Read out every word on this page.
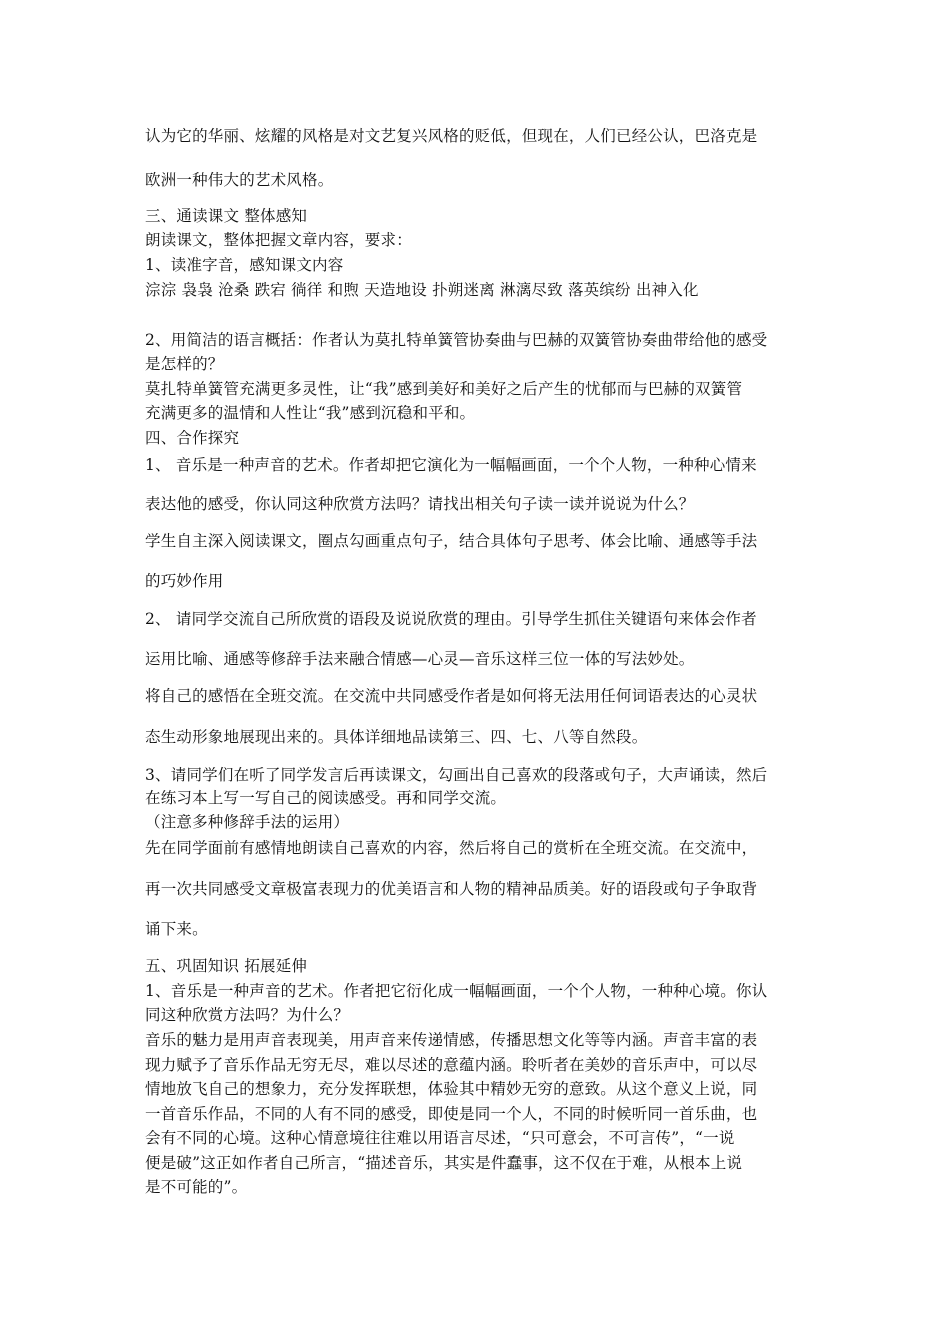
认为它的华丽、炫耀的风格是对文艺复兴风格的贬低，但现在，人们已经公认，巴洛克是
欧洲一种伟大的艺术风格。
三、通读课文 整体感知
朗读课文，整体把握文章内容，要求：
1、读准字音，感知课文内容
淙淙 袅袅 沧桑 跌宕 徜徉 和煦 天造地设 扑朔迷离 淋漓尽致 落英缤纷 出神入化
2、用简洁的语言概括：作者认为莫扎特单簧管协奏曲与巴赫的双簧管协奏曲带给他的感受
是怎样的？
莫扎特单簧管充满更多灵性，让“我”感到美好和美好之后产生的忧郁而与巴赫的双簧管
充满更多的温情和人性让“我”感到沉稳和平和。
四、合作探究
1、 音乐是一种声音的艺术。作者却把它演化为一幅幅画面，一个个人物，一种种心情来
表达他的感受，你认同这种欣赏方法吗？请找出相关句子读一读并说说为什么？
学生自主深入阅读课文，圈点勾画重点句子，结合具体句子思考、体会比喻、通感等手法
的巧妙作用
2、 请同学交流自己所欣赏的语段及说说欣赏的理由。引导学生抓住关键语句来体会作者
运用比喻、通感等修辞手法来融合情感—心灵—音乐这样三位一体的写法妙处。
将自己的感悟在全班交流。在交流中共同感受作者是如何将无法用任何词语表达的心灵状
态生动形象地展现出来的。具体详细地品读第三、四、七、八等自然段。
3、请同学们在听了同学发言后再读课文，勾画出自己喜欢的段落或句子，大声诵读，然后
在练习本上写一写自己的阅读感受。再和同学交流。
（注意多种修辞手法的运用）
先在同学面前有感情地朗读自己喜欢的内容，然后将自己的赏析在全班交流。在交流中，
再一次共同感受文章极富表现力的优美语言和人物的精神品质美。好的语段或句子争取背
诵下来。
五、巩固知识 拓展延伸
1、音乐是一种声音的艺术。作者把它衍化成一幅幅画面，一个个人物，一种种心境。你认
同这种欣赏方法吗？为什么？
音乐的魅力是用声音表现美，用声音来传递情感，传播思想文化等等内涵。声音丰富的表
现力赋予了音乐作品无穷无尽，难以尽述的意蕴内涵。聆听者在美妙的音乐声中，可以尽
情地放飞自己的想象力，充分发挥联想，体验其中精妙无穷的意致。从这个意义上说，同
一首音乐作品，不同的人有不同的感受，即使是同一个人，不同的时候听同一首乐曲，也
会有不同的心境。这种心情意境往往难以用语言尽述，“只可意会，不可言传”，“一说
便是破”这正如作者自己所言，“描述音乐，其实是件蠢事，这不仅在于难，从根本上说
是不可能的”。
